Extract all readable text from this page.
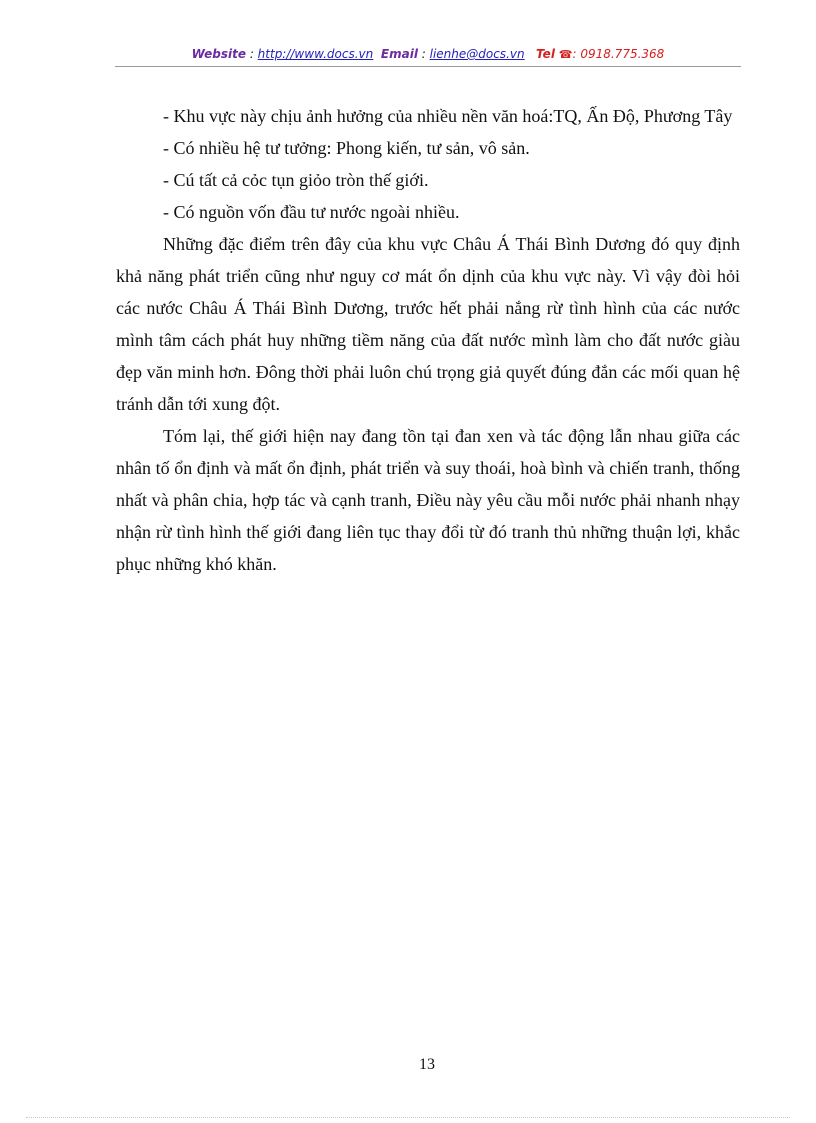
Website : http://www.docs.vn Email : lienhe@docs.vn Tel ☎: 0918.775.368

- Khu vực này chịu ảnh hưởng của nhiều nền văn hoá:TQ, Ấn Độ, Phương Tây

- Có nhiều hệ tư tưởng: Phong kiến, tư sản, vô sản.

- Cú tất cả cỏc tụn giỏo tròn thế giới.

- Có nguồn vốn đầu tư nước ngoài nhiều.

Những đặc điểm trên đây của khu vực Châu Á Thái Bình Dương đó quy định khả năng phát triển cũng như nguy cơ mát ổn dịnh của khu vực này. Vì vậy đòi hỏi các nước Châu Á Thái Bình Dương, trước hết phải nắng rừ tình hình của các nước mình tâm cách phát huy những tiềm năng của đất nước mình làm cho đất nước giàu đẹp văn minh hơn. Đông thời phải luôn chú trọng giả quyết đúng đắn các mối quan hệ tránh dẫn tới xung đột.

Tóm lại, thế giới hiện nay đang tồn tại đan xen và tác động lẫn nhau giữa các nhân tố ổn định và mất ổn định, phát triển và suy thoái, hoà bình và chiến tranh, thống nhất và phân chia, hợp tác và cạnh tranh, Điều này yêu cầu mỗi nước phải nhanh nhạy nhận rừ tình hình thế giới đang liên tục thay đổi từ đó tranh thủ những thuận lợi, khắc phục những khó khăn.

13
